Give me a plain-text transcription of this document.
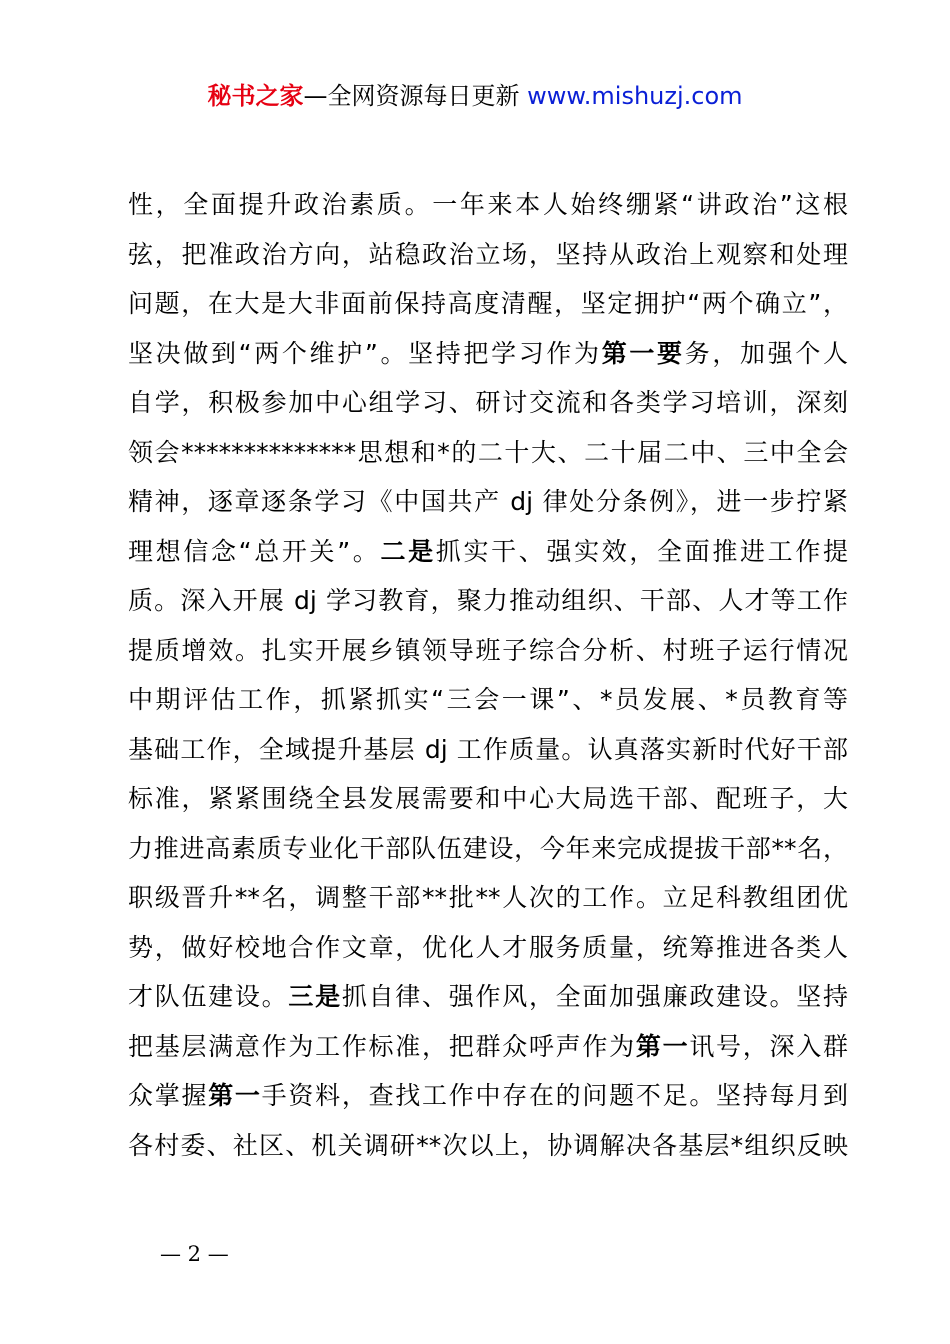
秘书之家—全网资源每日更新 www.mishuzj.com
性，全面提升政治素质。一年来本人始终绷紧“讲政治”这根
弦，把准政治方向，站稳政治立场，坚持从政治上观察和处理
问题，在大是大非面前保持高度清醒，坚定拥护“两个确立”，
坚决做到“两个维护”。坚持把学习作为第一要务，加强个人
自学，积极参加中心组学习、研讨交流和各类学习培训，深刻
领会**************思想和*的二十大、二十届二中、三中全会
精神，逐章逐条学习《中国共产 dj 律处分条例》，进一步拧紧
理想信念“总开关”。二是抓实干、强实效，全面推进工作提
质。深入开展 dj 学习教育，聚力推动组织、干部、人才等工作
提质增效。扎实开展乡镇领导班子综合分析、村班子运行情况
中期评估工作，抓紧抓实“三会一课”、*员发展、*员教育等
基础工作，全域提升基层 dj 工作质量。认真落实新时代好干部
标准，紧紧围绕全县发展需要和中心大局选干部、配班子，大
力推进高素质专业化干部队伍建设，今年来完成提拔干部**名，
职级晋升**名，调整干部**批**人次的工作。立足科教组团优
势，做好校地合作文章，优化人才服务质量，统筹推进各类人
才队伍建设。三是抓自律、强作风，全面加强廉政建设。坚持
把基层满意作为工作标准，把群众呼声作为第一讯号，深入群
众掌握第一手资料，查找工作中存在的问题不足。坚持每月到
各村委、社区、机关调研**次以上，协调解决各基层*组织反映
— 2 —
